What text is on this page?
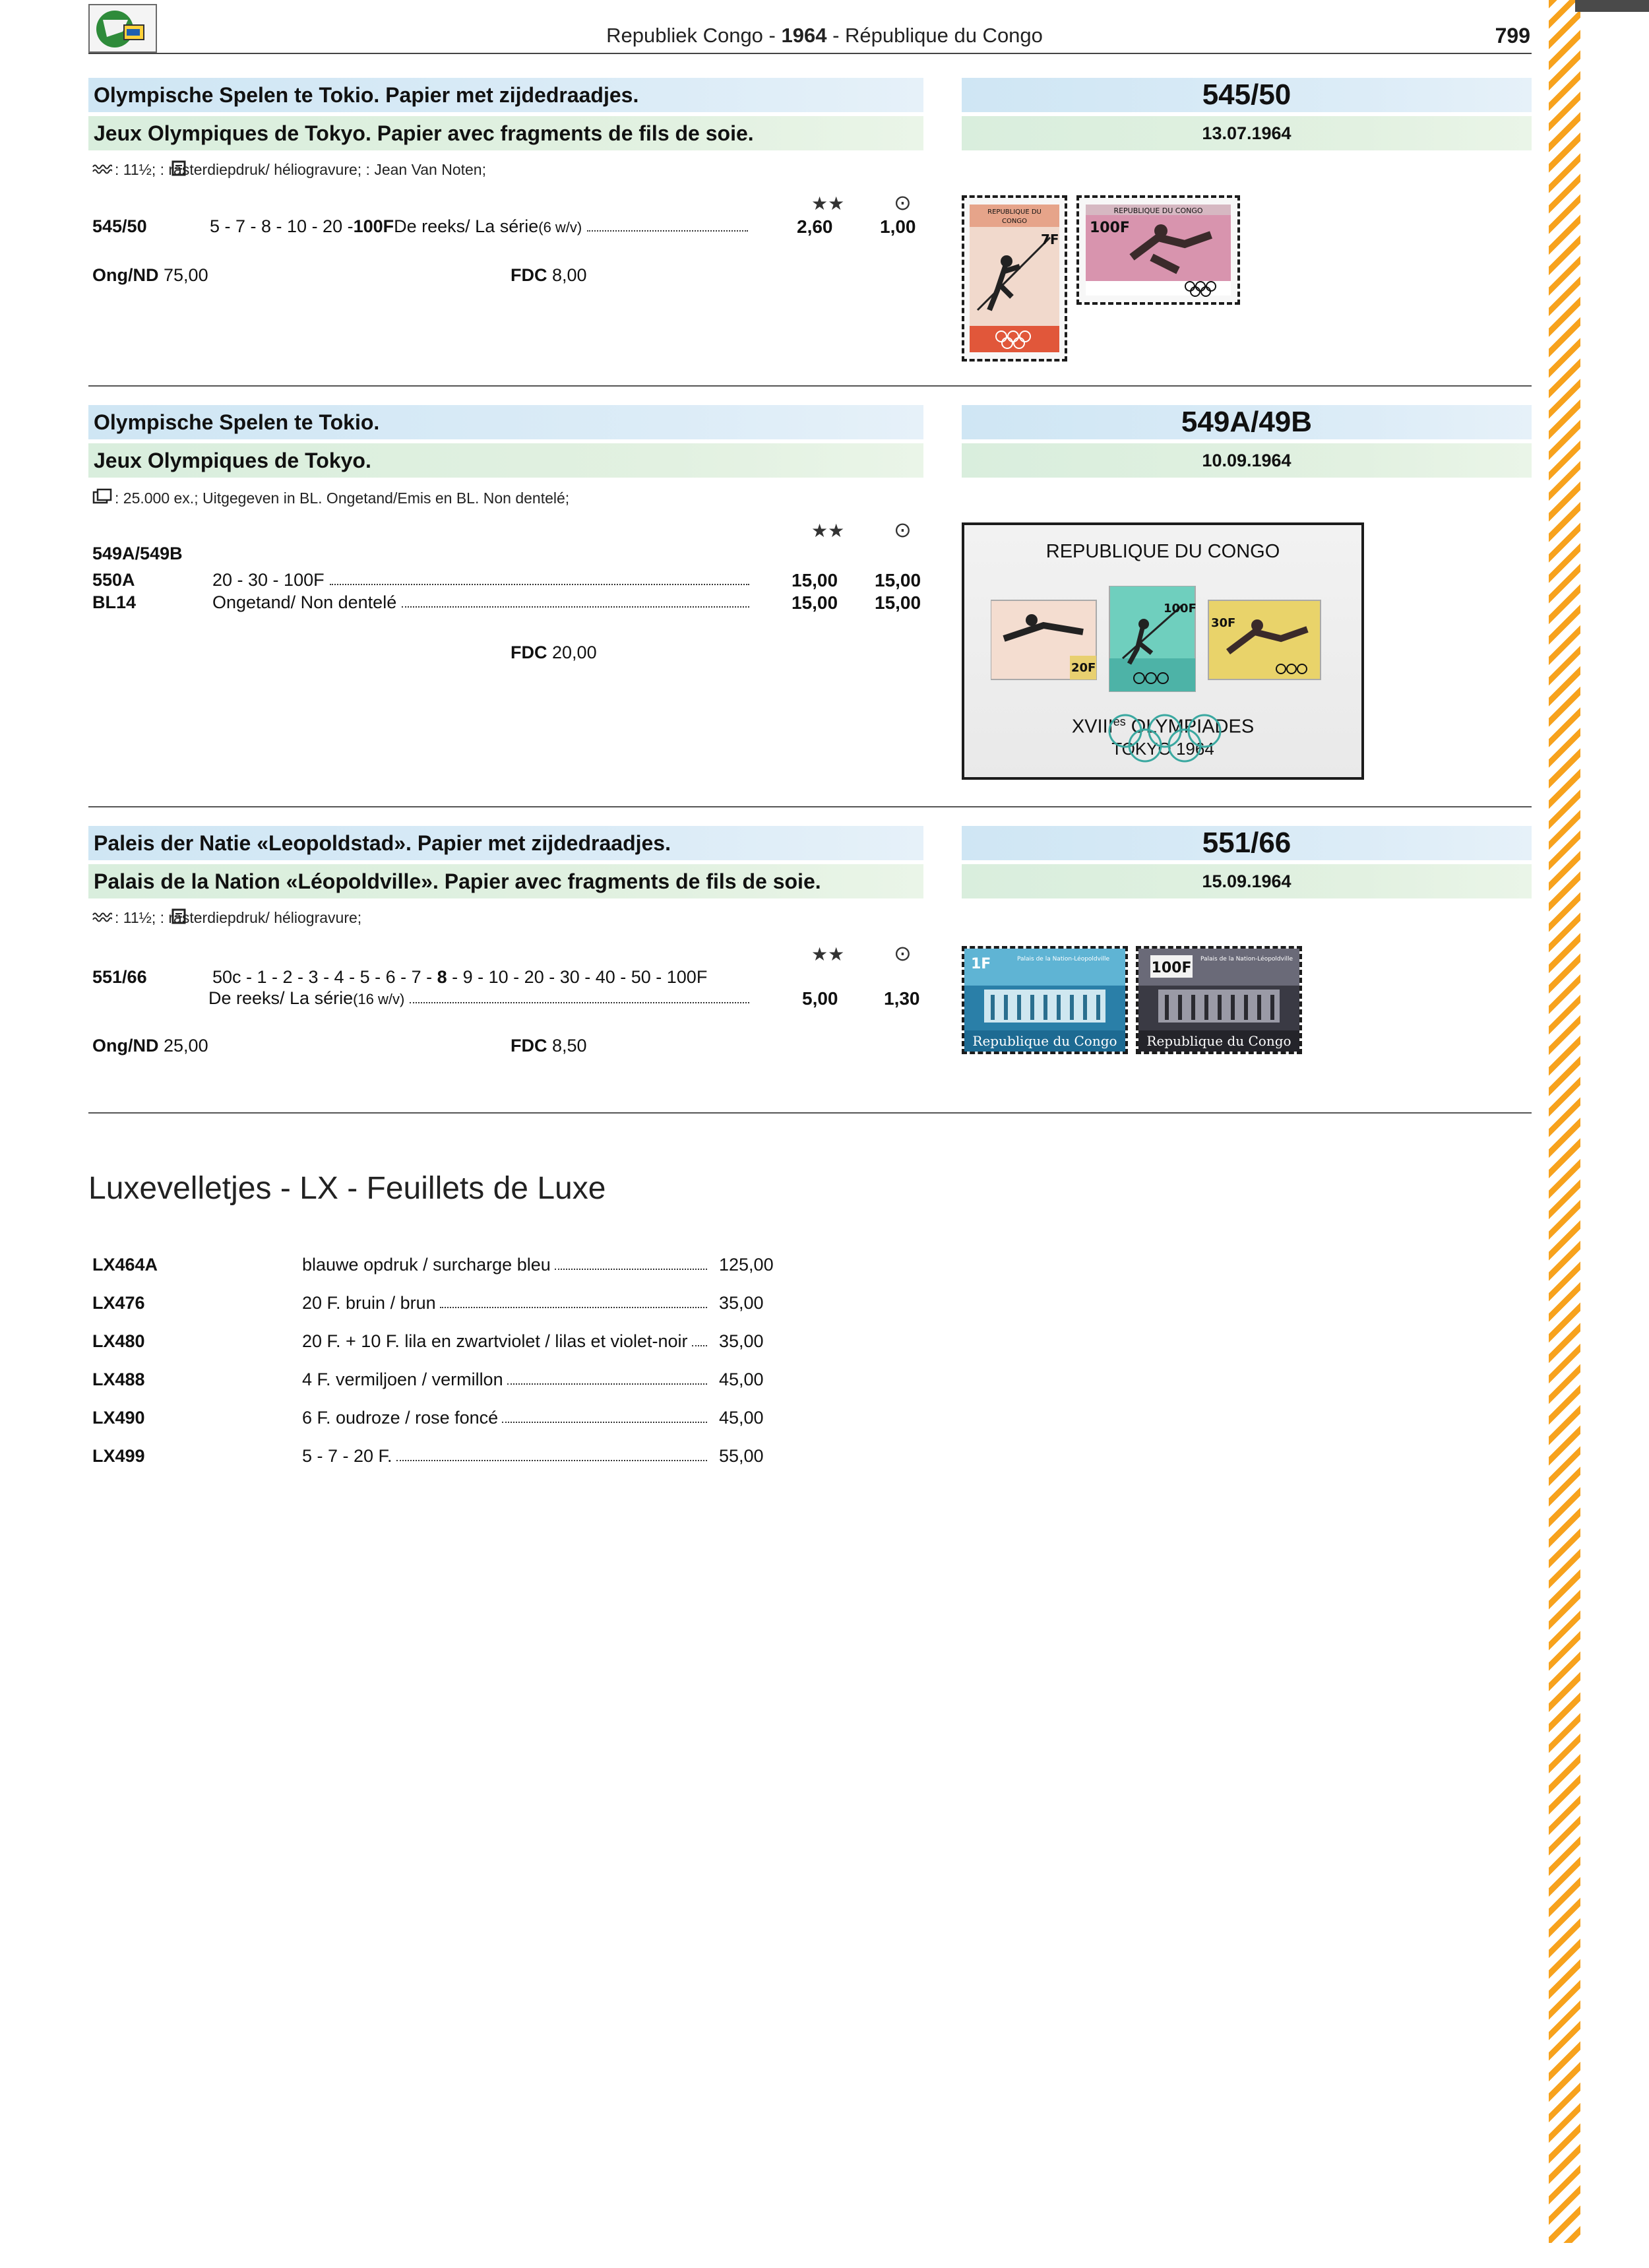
Republiek Congo - 1964 - République du Congo	799
Olympische Spelen te Tokio. Papier met zijdedraadjes.
Jeux Olympiques de Tokyo. Papier avec fragments de fils de soie.
545/50
13.07.1964
: 11½; : rasterdiepdruk/ héliogravure; : Jean Van Noten;
★★ ⊙
545/50	5 - 7 - 8 - 10 - 20 - 100F De reeks/ La série (6 w/v)	2,60	1,00
Ong/ND 75,00	FDC 8,00
REPUBLIQUE DU
CONGO
7F
REPUBLIQUE DU CONGO
100F
Olympische Spelen te Tokio.
Jeux Olympiques de Tokyo.
549A/49B
10.09.1964
: 25.000 ex.; Uitgegeven in BL. Ongetand/Emis en BL. Non dentelé;
★★ ⊙
549A/549B
550A	20 - 30 - 100F	15,00 15,00
BL14	Ongetand/ Non dentelé	15,00 15,00
FDC 20,00
REPUBLIQUE DU CONGO
20F
100F
30F
$XVIII^{es}$ OLYMPIADES
TOKYO 1964
Paleis der Natie «Leopoldstad». Papier met zijdedraadjes.
Palais de la Nation «Léopoldville». Papier avec fragments de fils de soie.
551/66
15.09.1964
: 11½; : rasterdiepdruk/ héliogravure;
★★ ⊙
551/66	50c - 1 - 2 - 3 - 4 - 5 - 6 - 7 - 8 - 9 - 10 - 20 - 30 - 40 - 50 - 100F
De reeks/ La série (16 w/v)	5,00 1,30
Ong/ND 25,00	FDC 8,50
1F	Palais de la Nation-Léopoldville
Republique du Congo
100F
Palais de la Nation-Léopoldville
Republique du Congo
Luxevelletjes - LX - Feuillets de Luxe
LX464A	blauwe opdruk / surcharge bleu	125,00
LX476	20 F. bruin / brun	35,00
LX480	20 F. + 10 F. lila en zwartviolet / lilas et violet-noir 35,00
LX488	4 F. vermiljoen / vermillon	45,00
LX490	6 F. oudroze / rose foncé	45,00
LX499	5 - 7 - 20 F.	55,00
